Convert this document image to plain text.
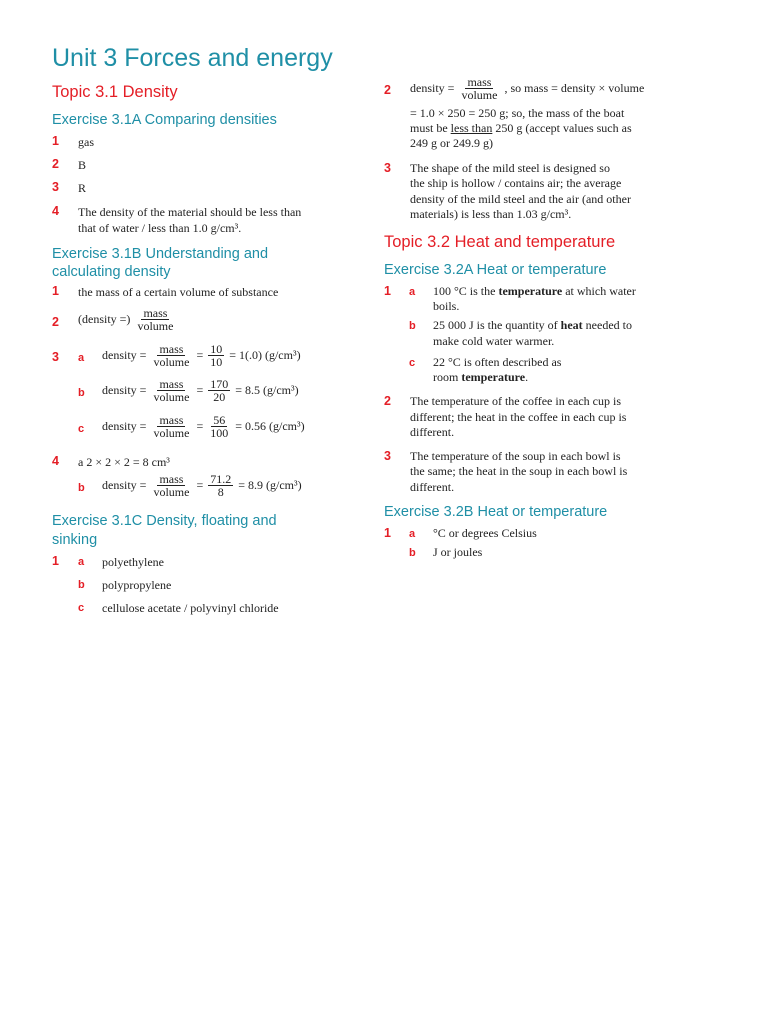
Unit 3 Forces and energy
Topic 3.1 Density
Exercise 3.1A Comparing densities
1 gas
2 B
3 R
4 The density of the material should be less than
that of water / less than 1.0 g/cm³.
Exercise 3.1B Understanding and
calculating density
1 the mass of a certain volume of substance
2 (density =) $\frac{\text{mass}}{\text{volume}}$
3 a density = $\frac{\text{mass}}{\text{volume}} = \frac{10}{10} = 1(.0)$ (g/cm³)
b density = $\frac{\text{mass}}{\text{volume}} = \frac{170}{20} = 8.5$ (g/cm³)
c density = $\frac{\text{mass}}{\text{volume}} = \frac{56}{100} = 0.56$ (g/cm³)
4 a 2 × 2 × 2 = 8 cm³
b density = $\frac{\text{mass}}{\text{volume}} = \frac{71.2}{8} = 8.9$ (g/cm³)
Exercise 3.1C Density, floating and
sinking
1 a polyethylene
b polypropylene
c cellulose acetate / polyvinyl chloride
2 density = $\frac{\text{mass}}{\text{volume}}$ , so mass = density × volume
= 1.0 × 250 = 250 g; so, the mass of the boat
must be less than 250 g (accept values such as
249 g or 249.9 g)
3 The shape of the mild steel is designed so
the ship is hollow / contains air; the average
density of the mild steel and the air (and other
materials) is less than 1.03 g/cm³.
Topic 3.2 Heat and temperature
Exercise 3.2A Heat or temperature
1 a 100 °C is the temperature at which water
boils.
b 25 000 J is the quantity of heat needed to
make cold water warmer.
c 22 °C is often described as
room temperature.
2 The temperature of the coffee in each cup is
different; the heat in the coffee in each cup is
different.
3 The temperature of the soup in each bowl is
the same; the heat in the soup in each bowl is
different.
Exercise 3.2B Heat or temperature
1 a °C or degrees Celsius
b J or joules
